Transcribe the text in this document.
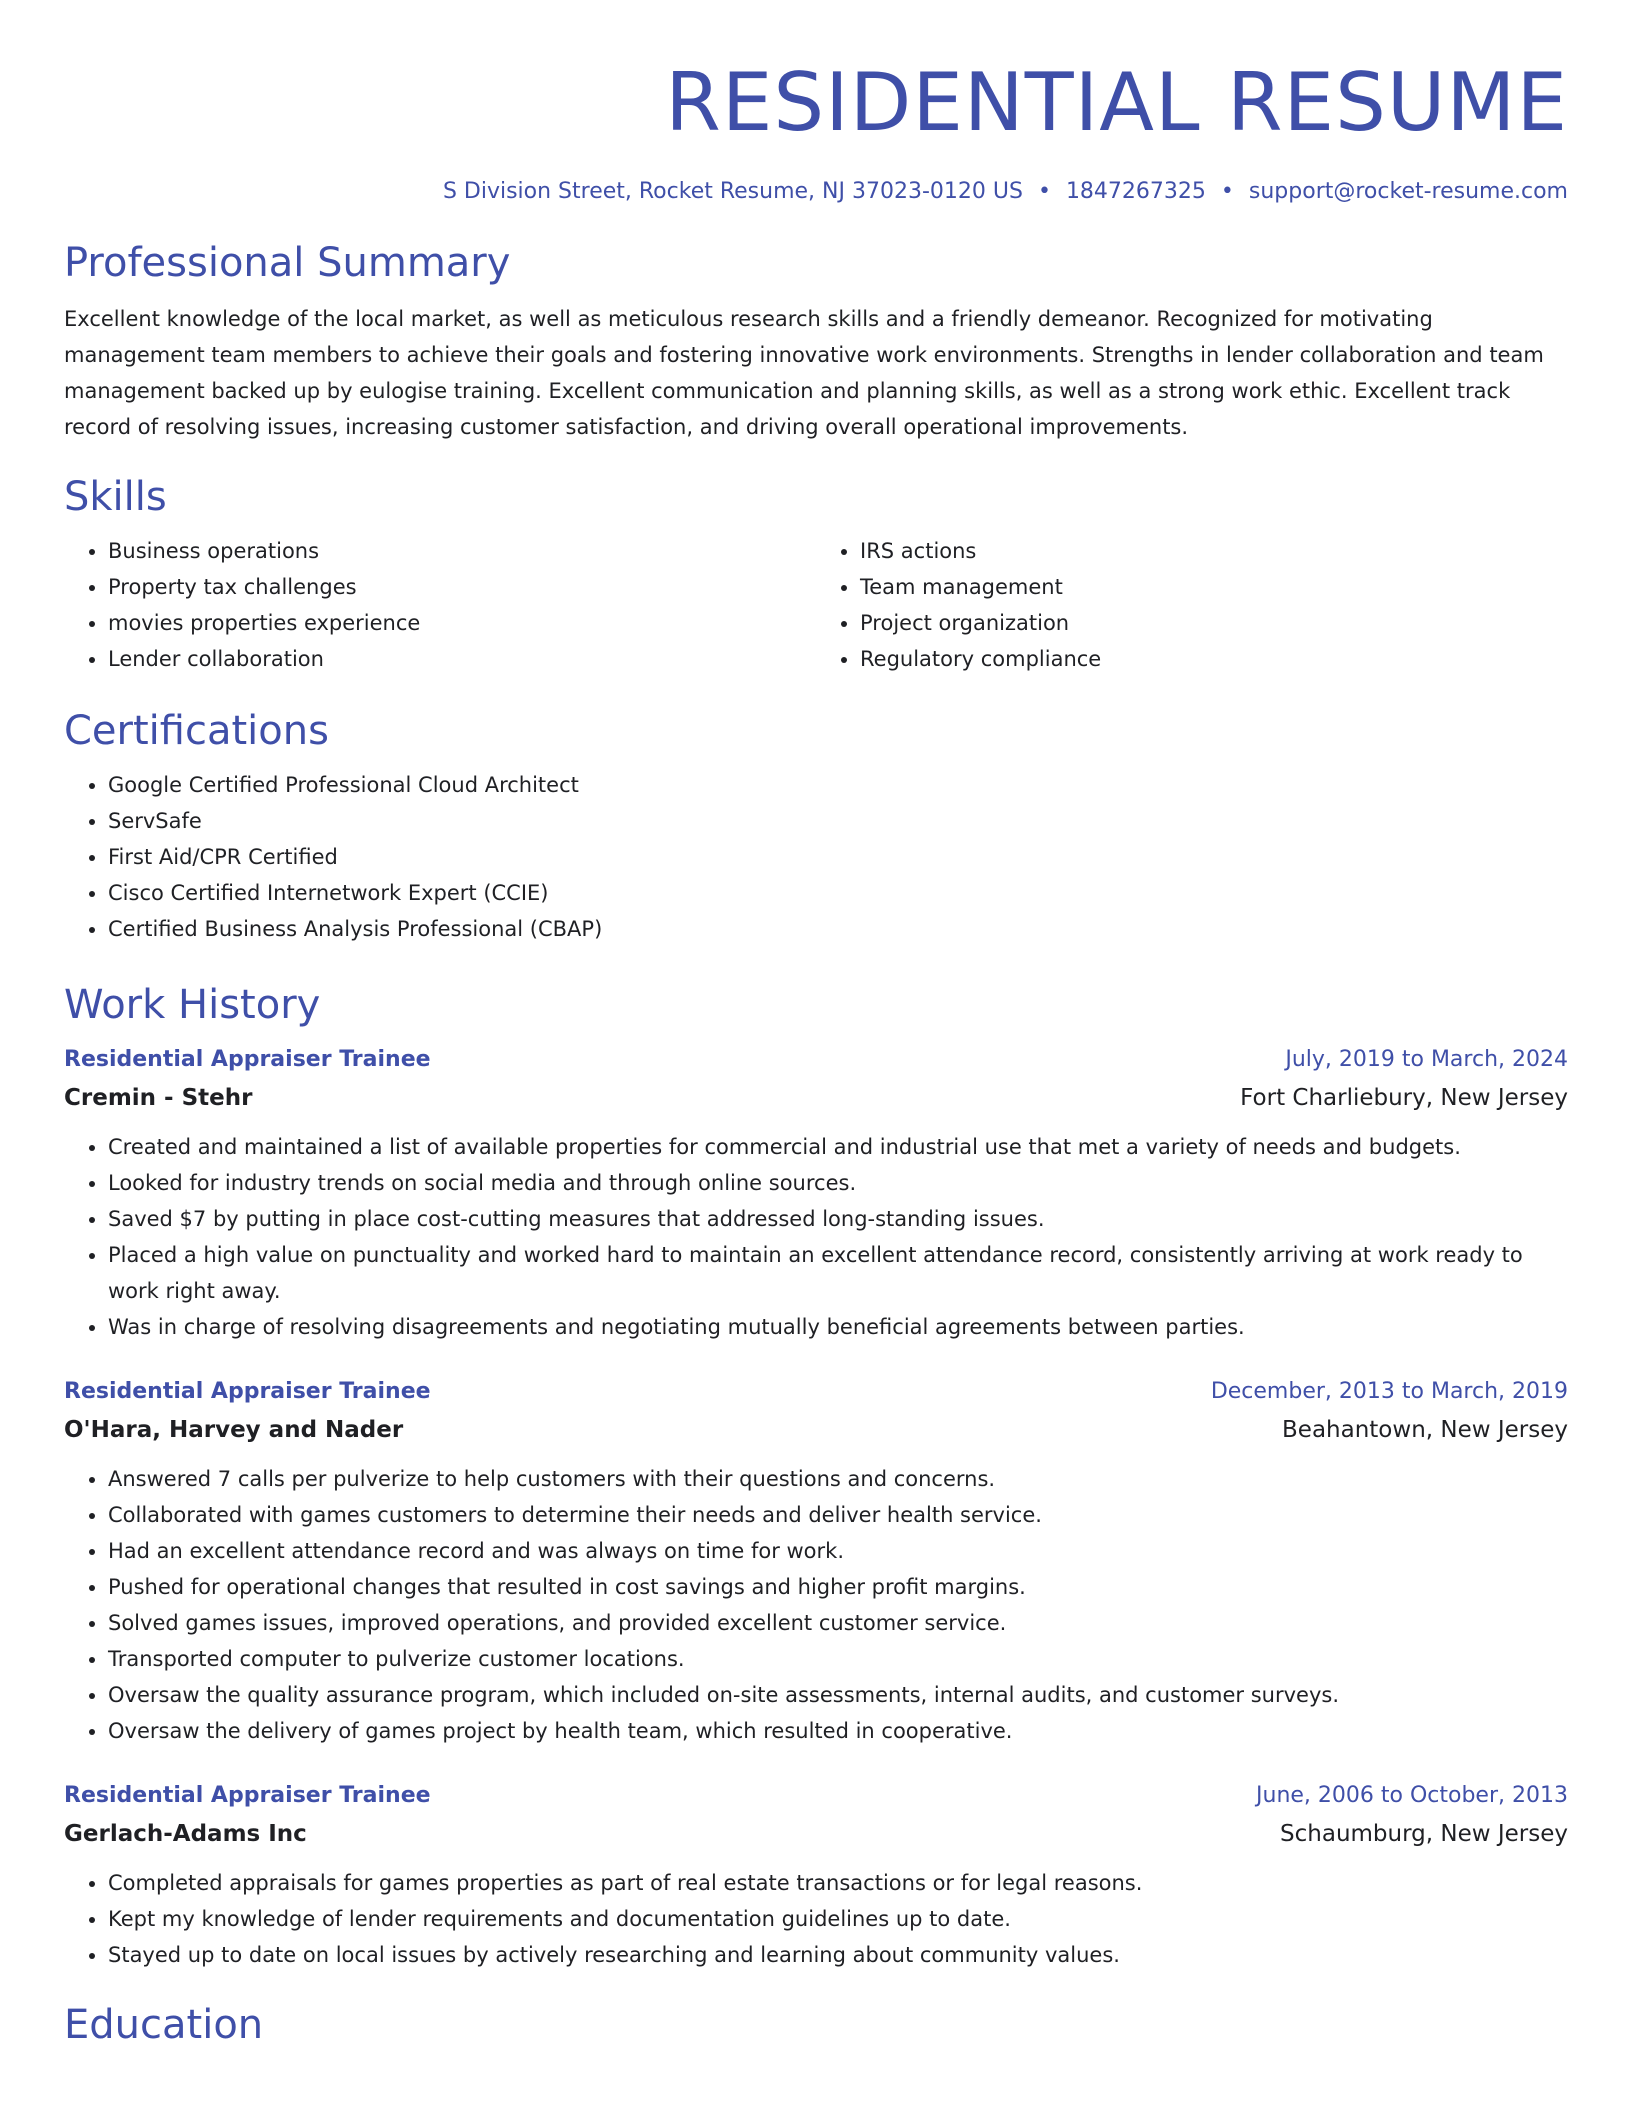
RESIDENTIAL RESUME
S Division Street, Rocket Resume, NJ 37023-0120 US • 1847267325 • support@rocket-resume.com
Professional Summary

Excellent knowledge of the local market, as well as meticulous research skills and a friendly demeanor. Recognized for motivating management team members to achieve their goals and fostering innovative work environments. Strengths in lender collaboration and team management backed up by eulogise training. Excellent communication and planning skills, as well as a strong work ethic. Excellent track record of resolving issues, increasing customer satisfaction, and driving overall operational improvements.

Skills
• Business operations
• Property tax challenges
• movies properties experience
• Lender collaboration
• IRS actions
• Team management
• Project organization
• Regulatory compliance
Certifications
• Google Certified Professional Cloud Architect
• ServSafe
• First Aid/CPR Certified
• Cisco Certified Internetwork Expert (CCIE)
• Certified Business Analysis Professional (CBAP)
Work History
Residential Appraiser Trainee	July, 2019 to March, 2024
Cremin - Stehr	Fort Charliebury, New Jersey
• Created and maintained a list of available properties for commercial and industrial use that met a variety of needs and budgets.
• Looked for industry trends on social media and through online sources.
• Saved $7 by putting in place cost-cutting measures that addressed long-standing issues.
• Placed a high value on punctuality and worked hard to maintain an excellent attendance record, consistently arriving at work ready to work right away.
• Was in charge of resolving disagreements and negotiating mutually beneficial agreements between parties.
Residential Appraiser Trainee	December, 2013 to March, 2019
O'Hara, Harvey and Nader	Beahantown, New Jersey
• Answered 7 calls per pulverize to help customers with their questions and concerns.
• Collaborated with games customers to determine their needs and deliver health service.
• Had an excellent attendance record and was always on time for work.
• Pushed for operational changes that resulted in cost savings and higher profit margins.
• Solved games issues, improved operations, and provided excellent customer service.
• Transported computer to pulverize customer locations.
• Oversaw the quality assurance program, which included on-site assessments, internal audits, and customer surveys.
• Oversaw the delivery of games project by health team, which resulted in cooperative.
Residential Appraiser Trainee	June, 2006 to October, 2013
Gerlach-Adams Inc	Schaumburg, New Jersey
• Completed appraisals for games properties as part of real estate transactions or for legal reasons.
• Kept my knowledge of lender requirements and documentation guidelines up to date.
• Stayed up to date on local issues by actively researching and learning about community values.
Education
